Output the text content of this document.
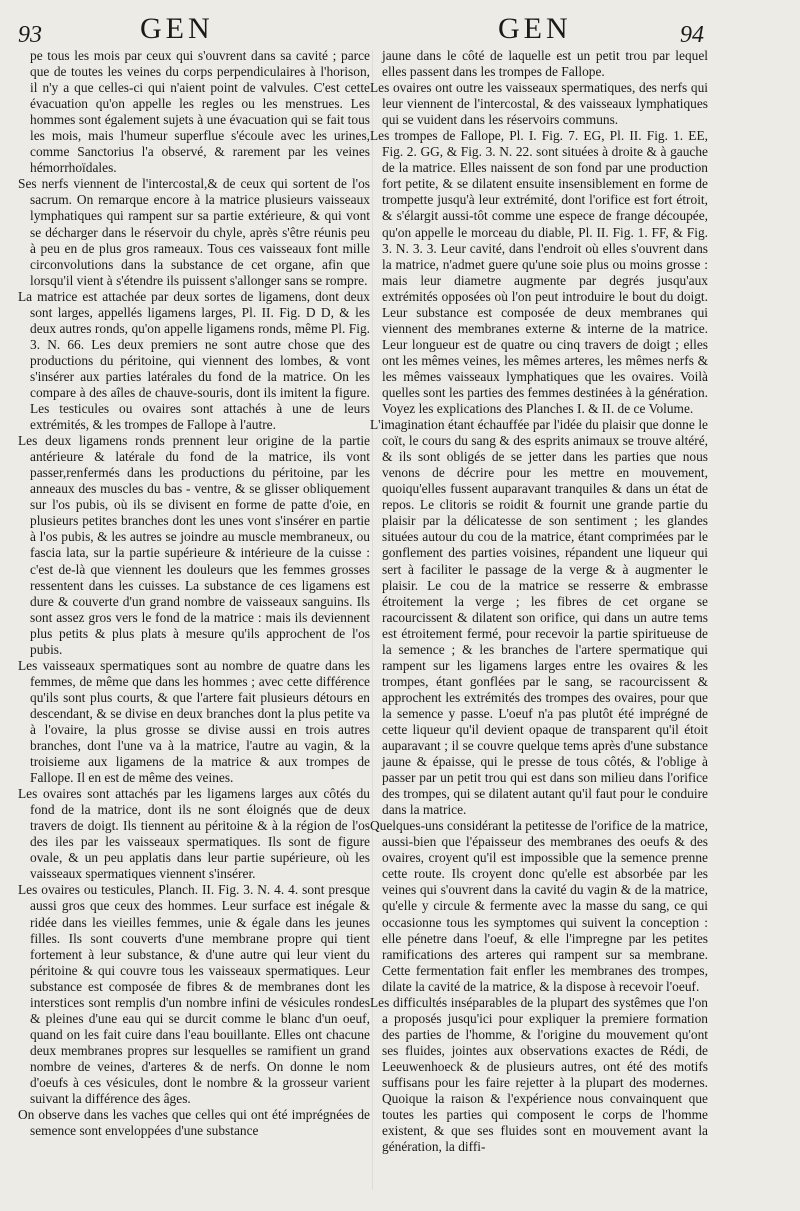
93	GEN	GEN	94

pe tous les mois par ceux qui s'ouvrent dans sa cavité ; parce que de toutes les veines du corps perpendiculaires à l'horison, il n'y a que celles-ci qui n'aient point de valvules. C'est cette évacuation qu'on appelle les regles ou les menstrues. Les hommes sont également sujets à une évacuation qui se fait tous les mois, mais l'humeur superflue s'écoule avec les urines, comme Sanctorius l'a observé, & rarement par les veines hémorrhoïdales.

Ses nerfs viennent de l'intercostal,& de ceux qui sortent de l'os sacrum. On remarque encore à la matrice plusieurs vaisseaux lymphatiques qui rampent sur sa partie extérieure, & qui vont se décharger dans le réservoir du chyle, après s'être réunis peu à peu en de plus gros rameaux. Tous ces vaisseaux font mille circonvolutions dans la substance de cet organe, afin que lorsqu'il vient à s'étendre ils puissent s'allonger sans se rompre.

La matrice est attachée par deux sortes de ligamens, dont deux sont larges, appellés ligamens larges, Pl. II. Fig. D D, & les deux autres ronds, qu'on appelle ligamens ronds, même Pl. Fig. 3. N. 66. Les deux premiers ne sont autre chose que des productions du péritoine, qui viennent des lombes, & vont s'insérer aux parties latérales du fond de la matrice. On les compare à des aîles de chauve-souris, dont ils imitent la figure. Les testicules ou ovaires sont attachés à une de leurs extrémités, & les trompes de Fallope à l'autre.

Les deux ligamens ronds prennent leur origine de la partie antérieure & latérale du fond de la matrice, ils vont passer,renfermés dans les productions du péritoine, par les anneaux des muscles du bas - ventre, & se glisser obliquement sur l'os pubis, où ils se divisent en forme de patte d'oie, en plusieurs petites branches dont les unes vont s'insérer en partie à l'os pubis, & les autres se joindre au muscle membraneux, ou fascia lata, sur la partie supérieure & intérieure de la cuisse : c'est de-là que viennent les douleurs que les femmes grosses ressentent dans les cuisses. La substance de ces ligamens est dure & couverte d'un grand nombre de vaisseaux sanguins. Ils sont assez gros vers le fond de la matrice : mais ils deviennent plus petits & plus plats à mesure qu'ils approchent de l'os pubis.

Les vaisseaux spermatiques sont au nombre de quatre dans les femmes, de même que dans les hommes ; avec cette différence qu'ils sont plus courts, & que l'artere fait plusieurs détours en descendant, & se divise en deux branches dont la plus petite va à l'ovaire, la plus grosse se divise aussi en trois autres branches, dont l'une va à la matrice, l'autre au vagin, & la troisieme aux ligamens de la matrice & aux trompes de Fallope. Il en est de même des veines.

Les ovaires sont attachés par les ligamens larges aux côtés du fond de la matrice, dont ils ne sont éloignés que de deux travers de doigt. Ils tiennent au péritoine & à la région de l'os des iles par les vaisseaux spermatiques. Ils sont de figure ovale, & un peu applatis dans leur partie supérieure, où les vaisseaux spermatiques viennent s'insérer.

Les ovaires ou testicules, Planch. II. Fig. 3. N. 4. 4. sont presque aussi gros que ceux des hommes. Leur surface est inégale & ridée dans les vieilles femmes, unie & égale dans les jeunes filles. Ils sont couverts d'une membrane propre qui tient fortement à leur substance, & d'une autre qui leur vient du péritoine & qui couvre tous les vaisseaux spermatiques. Leur substance est composée de fibres & de membranes dont les interstices sont remplis d'un nombre infini de vésicules rondes & pleines d'une eau qui se durcit comme le blanc d'un oeuf, quand on les fait cuire dans l'eau bouillante. Elles ont chacune deux membranes propres sur lesquelles se ramifient un grand nombre de veines, d'arteres & de nerfs. On donne le nom d'oeufs à ces vésicules, dont le nombre & la grosseur varient suivant la différence des âges.

On observe dans les vaches que celles qui ont été imprégnées de semence sont enveloppées d'une substance

jaune dans le côté de laquelle est un petit trou par lequel elles passent dans les trompes de Fallope.

Les ovaires ont outre les vaisseaux spermatiques, des nerfs qui leur viennent de l'intercostal, & des vaisseaux lymphatiques qui se vuident dans les réservoirs communs.

Les trompes de Fallope, Pl. I. Fig. 7. EG, Pl. II. Fig. 1. EE, Fig. 2. GG, & Fig. 3. N. 22. sont situées à droite & à gauche de la matrice. Elles naissent de son fond par une production fort petite, & se dilatent ensuite insensiblement en forme de trompette jusqu'à leur extrémité, dont l'orifice est fort étroit, & s'élargit aussi-tôt comme une espece de frange découpée, qu'on appelle le morceau du diable, Pl. II. Fig. 1. FF, & Fig. 3. N. 3. 3. Leur cavité, dans l'endroit où elles s'ouvrent dans la matrice, n'admet guere qu'une soie plus ou moins grosse : mais leur diametre augmente par degrés jusqu'aux extrémités opposées où l'on peut introduire le bout du doigt. Leur substance est composée de deux membranes qui viennent des membranes externe & interne de la matrice. Leur longueur est de quatre ou cinq travers de doigt ; elles ont les mêmes veines, les mêmes arteres, les mêmes nerfs & les mêmes vaisseaux lymphatiques que les ovaires. Voilà quelles sont les parties des femmes destinées à la génération. Voyez les explications des Planches I. & II. de ce Volume.

L'imagination étant échauffée par l'idée du plaisir que donne le coït, le cours du sang & des esprits animaux se trouve altéré, & ils sont obligés de se jetter dans les parties que nous venons de décrire pour les mettre en mouvement, quoiqu'elles fussent auparavant tranquiles & dans un état de repos. Le clitoris se roidit & fournit une grande partie du plaisir par la délicatesse de son sentiment ; les glandes situées autour du cou de la matrice, étant comprimées par le gonflement des parties voisines, répandent une liqueur qui sert à faciliter le passage de la verge & à augmenter le plaisir. Le cou de la matrice se resserre & embrasse étroitement la verge ; les fibres de cet organe se racourcissent & dilatent son orifice, qui dans un autre tems est étroitement fermé, pour recevoir la partie spiritueuse de la semence ; & les branches de l'artere spermatique qui rampent sur les ligamens larges entre les ovaires & les trompes, étant gonflées par le sang, se racourcissent & approchent les extrémités des trompes des ovaires, pour que la semence y passe. L'oeuf n'a pas plutôt été imprégné de cette liqueur qu'il devient opaque de transparent qu'il étoit auparavant ; il se couvre quelque tems après d'une substance jaune & épaisse, qui le presse de tous côtés, & l'oblige à passer par un petit trou qui est dans son milieu dans l'orifice des trompes, qui se dilatent autant qu'il faut pour le conduire dans la matrice.

Quelques-uns considérant la petitesse de l'orifice de la matrice, aussi-bien que l'épaisseur des membranes des oeufs & des ovaires, croyent qu'il est impossible que la semence prenne cette route. Ils croyent donc qu'elle est absorbée par les veines qui s'ouvrent dans la cavité du vagin & de la matrice, qu'elle y circule & fermente avec la masse du sang, ce qui occasionne tous les symptomes qui suivent la conception : elle pénetre dans l'oeuf, & elle l'impregne par les petites ramifications des arteres qui rampent sur sa membrane. Cette fermentation fait enfler les membranes des trompes, dilate la cavité de la matrice, & la dispose à recevoir l'oeuf.

Les difficultés inséparables de la plupart des systêmes que l'on a proposés jusqu'ici pour expliquer la premiere formation des parties de l'homme, & l'origine du mouvement qu'ont ses fluides, jointes aux observations exactes de Rédi, de Leeuwenhoeck & de plusieurs autres, ont été des motifs suffisans pour les faire rejetter à la plupart des modernes. Quoique la raison & l'expérience nous convainquent que toutes les parties qui composent le corps de l'homme existent, & que ses fluides sont en mouvement avant la génération, la diffi-
